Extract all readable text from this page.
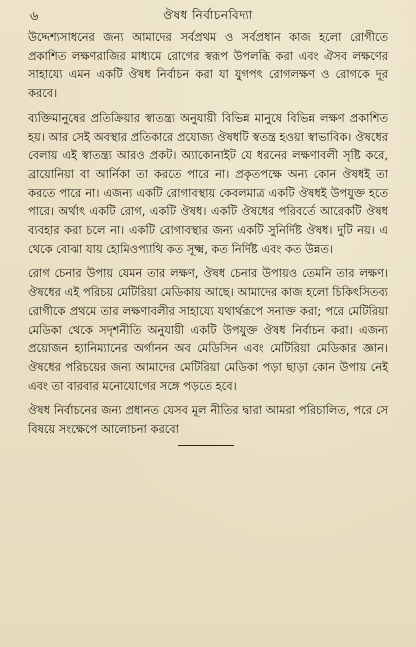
৬	ঔষধ নির্বাচনবিদ্যা

উদ্দেশ্যসাধনের জন্য আমাদের সর্বপ্রথম ও সর্বপ্রধান কাজ হলো রোগীতে প্রকাশিত লক্ষণরাজির মাধ্যমে রোগের স্বরূপ উপলব্ধি করা এবং ঐসব লক্ষণের সাহায্যে এমন একটি ঔষধ নির্বাচন করা যা যুগপৎ রোগলক্ষণ ও রোগকে দূর করবে।

ব্যক্তিমানুষের প্রতিক্রিয়ার স্বাতন্ত্র্য অনুযায়ী বিভিন্ন মানুষে বিভিন্ন লক্ষণ প্রকাশিত হয়। আর সেই অবস্থার প্রতিকারে প্রযোজ্য ঔষধটি স্বতন্ত্র হওয়া স্বাভাবিক। ঔষধের বেলায় এই স্বাতন্ত্র্য আরও প্রকট। অ্যাকোনাইট যে ধরনের লক্ষণাবলী সৃষ্টি করে, ব্রায়োনিয়া বা আর্নিকা তা করতে পারে না। প্রকৃতপক্ষে অন্য কোন ঔষধই তা করতে পারে না। এজন্য একটি রোগাবস্থায় কেবলমাত্র একটি ঔষধই উপযুক্ত হতে পারে। অর্থাৎ একটি রোগ, একটি ঔষধ। একটি ঔষধের পরিবর্তে আরেকটি ঔষধ ব্যবহার করা চলে না। একটি রোগাবস্থার জন্য একটি সুনির্দিষ্ট ঔষধ। দুটি নয়। এ থেকে বোঝা যায় হোমিওপ্যাথি কত সূক্ষ্ম, কত নির্দিষ্ট এবং কত উন্নত।

রোগ চেনার উপায় যেমন তার লক্ষণ, ঔষধ চেনার উপায়ও তেমনি তার লক্ষণ। ঔষধের এই পরিচয় মেটিরিয়া মেডিকায় আছে। আমাদের কাজ হলো চিকিৎসিতব্য রোগীকে প্রথমে তার লক্ষণাবলীর সাহায্যে যথার্থরূপে সনাক্ত করা; পরে মেটিরিয়া মেডিকা থেকে সদৃশনীতি অনুযায়ী একটি উপযুক্ত ঔষধ নির্বাচন করা। এজন্য প্রয়োজন হ্যানিম্যানের অর্গানন অব মেডিসিন এবং মেটিরিয়া মেডিকার জ্ঞান। ঔষধের পরিচয়ের জন্য আমাদের মেটিরিয়া মেডিকা পড়া ছাড়া কোন উপায় নেই এবং তা বারবার মনোযোগের সঙ্গে পড়তে হবে।

ঔষধ নির্বাচনের জন্য প্রধানত যেসব মূল নীতির দ্বারা আমরা পরিচালিত, পরে সে বিষয়ে সংক্ষেপে আলোচনা করবো
